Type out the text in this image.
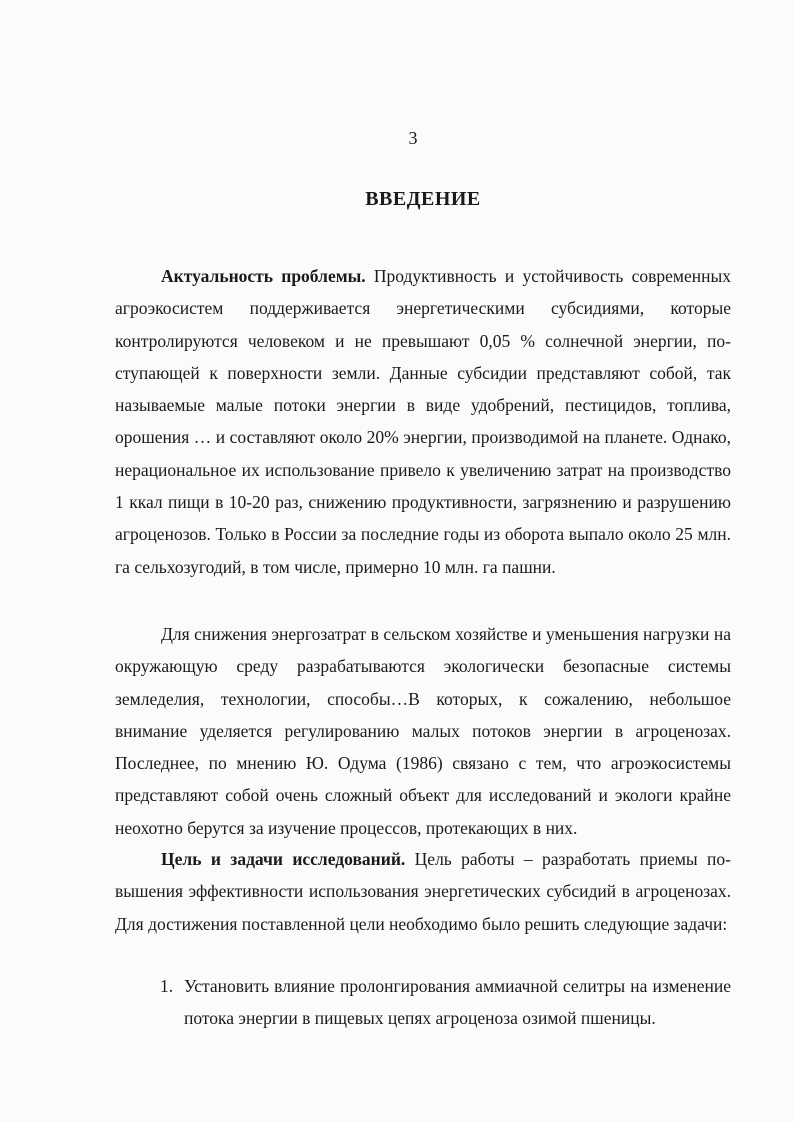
3
ВВЕДЕНИЕ

Актуальность проблемы. Продуктивность и устойчивость современных агроэкосистем поддерживается энергетическими субсидиями, которые контролируются человеком и не превышают 0,05 % солнечной энергии, поступающей к поверхности земли. Данные субсидии представляют собой, так называемые малые потоки энергии в виде удобрений, пестицидов, топлива, орошения … и составляют около 20% энергии, производимой на планете. Однако, нерациональное их использование привело к увеличению затрат на производство 1 ккал пищи в 10-20 раз, снижению продуктивности, загрязнению и разрушению агроценозов. Только в России за последние годы из оборота выпало около 25 млн. га сельхозугодий, в том числе, примерно 10 млн. га пашни.

Для снижения энергозатрат в сельском хозяйстве и уменьшения нагрузки на окружающую среду разрабатываются экологически безопасные системы земледелия, технологии, способы…В которых, к сожалению, небольшое внимание уделяется регулированию малых потоков энергии в агроценозах. Последнее, по мнению Ю. Одума (1986) связано с тем, что агроэкосистемы представляют собой очень сложный объект для исследований и экологи крайне неохотно берутся за изучение процессов, протекающих в них.

Цель и задачи исследований. Цель работы – разработать приемы повышения эффективности использования энергетических субсидий в агроценозах. Для достижения поставленной цели необходимо было решить следующие задачи:

1. Установить влияние пролонгирования аммиачной селитры на изменение потока энергии в пищевых цепях агроценоза озимой пшеницы.
